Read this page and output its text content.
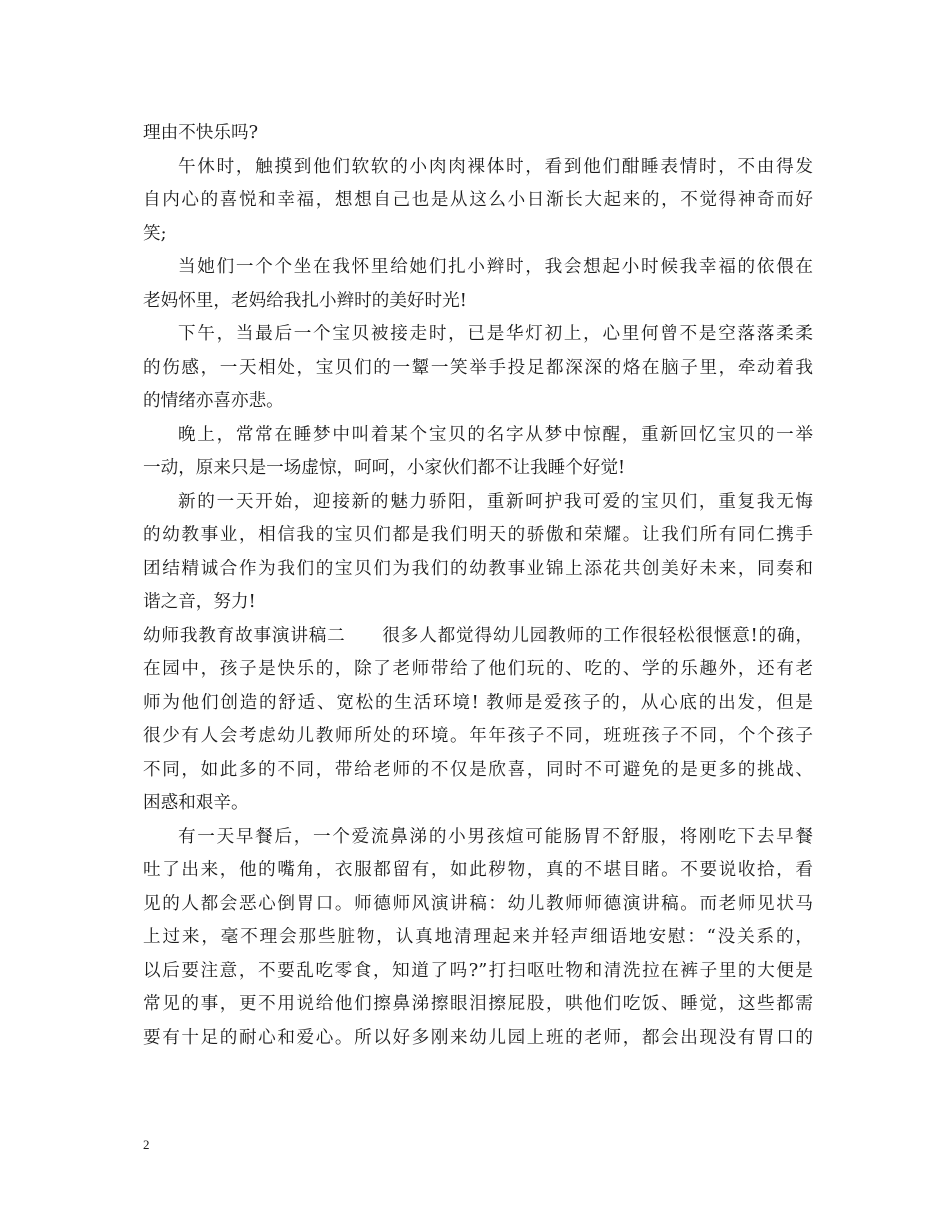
理由不快乐吗?
午休时，触摸到他们软软的小肉肉裸体时，看到他们酣睡表情时，不由得发
自内心的喜悦和幸福，想想自己也是从这么小日渐长大起来的，不觉得神奇而好
笑;
当她们一个个坐在我怀里给她们扎小辫时，我会想起小时候我幸福的依偎在
老妈怀里，老妈给我扎小辫时的美好时光!
下午，当最后一个宝贝被接走时，已是华灯初上，心里何曾不是空落落柔柔
的伤感，一天相处，宝贝们的一颦一笑举手投足都深深的烙在脑子里，牵动着我
的情绪亦喜亦悲。
晚上，常常在睡梦中叫着某个宝贝的名字从梦中惊醒，重新回忆宝贝的一举
一动，原来只是一场虚惊，呵呵，小家伙们都不让我睡个好觉!
新的一天开始，迎接新的魅力骄阳，重新呵护我可爱的宝贝们，重复我无悔
的幼教事业，相信我的宝贝们都是我们明天的骄傲和荣耀。让我们所有同仁携手
团结精诚合作为我们的宝贝们为我们的幼教事业锦上添花共创美好未来，同奏和
谐之音，努力!
幼师我教育故事演讲稿二　　很多人都觉得幼儿园教师的工作很轻松很惬意!的确，
在园中，孩子是快乐的，除了老师带给了他们玩的、吃的、学的乐趣外，还有老
师为他们创造的舒适、宽松的生活环境! 教师是爱孩子的，从心底的出发，但是
很少有人会考虑幼儿教师所处的环境。年年孩子不同，班班孩子不同，个个孩子
不同，如此多的不同，带给老师的不仅是欣喜，同时不可避免的是更多的挑战、
困惑和艰辛。
有一天早餐后，一个爱流鼻涕的小男孩煊可能肠胃不舒服，将刚吃下去早餐
吐了出来，他的嘴角，衣服都留有，如此秽物，真的不堪目睹。不要说收拾，看
见的人都会恶心倒胃口。师德师风演讲稿：幼儿教师师德演讲稿。而老师见状马
上过来，毫不理会那些脏物，认真地清理起来并轻声细语地安慰：“没关系的，
以后要注意，不要乱吃零食，知道了吗?”打扫呕吐物和清洗拉在裤子里的大便是
常见的事，更不用说给他们擦鼻涕擦眼泪擦屁股，哄他们吃饭、睡觉，这些都需
要有十足的耐心和爱心。所以好多刚来幼儿园上班的老师，都会出现没有胃口的
2
